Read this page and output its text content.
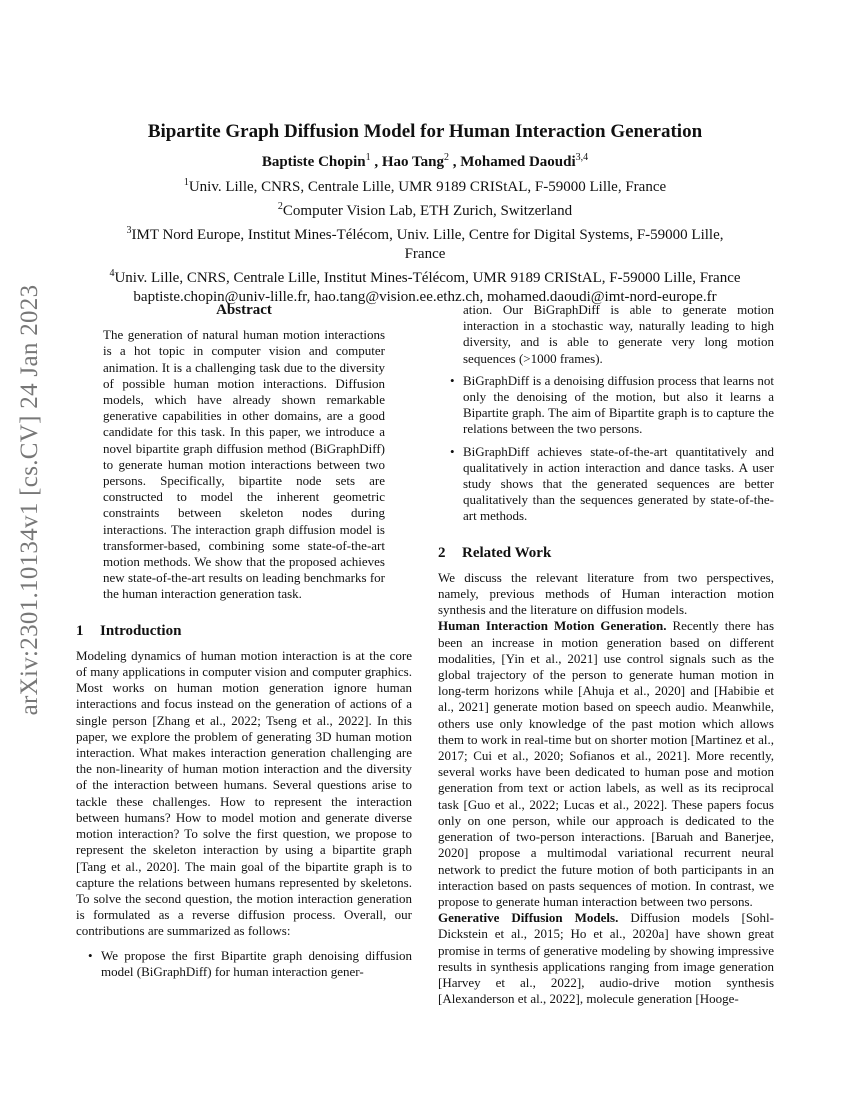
arXiv:2301.10134v1 [cs.CV] 24 Jan 2023
Bipartite Graph Diffusion Model for Human Interaction Generation
Baptiste Chopin$^1$ , Hao Tang$^2$ , Mohamed Daoudi$^{3,4}$
$^1$Univ. Lille, CNRS, Centrale Lille, UMR 9189 CRIStAL, F-59000 Lille, France
$^2$Computer Vision Lab, ETH Zurich, Switzerland
$^3$IMT Nord Europe, Institut Mines-Télécom, Univ. Lille, Centre for Digital Systems, F-59000 Lille,
France
$^4$Univ. Lille, CNRS, Centrale Lille, Institut Mines-Télécom, UMR 9189 CRIStAL, F-59000 Lille, France
baptiste.chopin@univ-lille.fr, hao.tang@vision.ee.ethz.ch, mohamed.daoudi@imt-nord-europe.fr
Abstract

The generation of natural human motion interactions is a hot topic in computer vision and computer animation. It is a challenging task due to the diversity of possible human motion interactions. Diffusion models, which have already shown remarkable generative capabilities in other domains, are a good candidate for this task. In this paper, we introduce a novel bipartite graph diffusion method (BiGraphDiff) to generate human motion interactions between two persons. Specifically, bipartite node sets are constructed to model the inherent geometric constraints between skeleton nodes during interactions. The interaction graph diffusion model is transformer-based, combining some state-of-the-art motion methods. We show that the proposed achieves new state-of-the-art results on leading benchmarks for the human interaction generation task.

1 Introduction

Modeling dynamics of human motion interaction is at the core of many applications in computer vision and computer graphics. Most works on human motion generation ignore human interactions and focus instead on the generation of actions of a single person [Zhang et al., 2022; Tseng et al., 2022]. In this paper, we explore the problem of generating 3D human motion interaction. What makes interaction generation challenging are the non-linearity of human motion interaction and the diversity of the interaction between humans. Several questions arise to tackle these challenges. How to represent the interaction between humans? How to model motion and generate diverse motion interaction? To solve the first question, we propose to represent the skeleton interaction by using a bipartite graph [Tang et al., 2020]. The main goal of the bipartite graph is to capture the relations between humans represented by skeletons. To solve the second question, the motion interaction generation is formulated as a reverse diffusion process. Overall, our contributions are summarized as follows:

• We propose the first Bipartite graph denoising diffusion model (BiGraphDiff) for human interaction gener-
ation. Our BiGraphDiff is able to generate motion interaction in a stochastic way, naturally leading to high diversity, and is able to generate very long motion sequences (>1000 frames).
• BiGraphDiff is a denoising diffusion process that learns not only the denoising of the motion, but also it learns a Bipartite graph. The aim of Bipartite graph is to capture the relations between the two persons.
• BiGraphDiff achieves state-of-the-art quantitatively and qualitatively in action interaction and dance tasks. A user study shows that the generated sequences are better qualitatively than the sequences generated by state-of-the-art methods.
2 Related Work

We discuss the relevant literature from two perspectives, namely, previous methods of Human interaction motion synthesis and the literature on diffusion models.

Human Interaction Motion Generation. Recently there has been an increase in motion generation based on different modalities, [Yin et al., 2021] use control signals such as the global trajectory of the person to generate human motion in long-term horizons while [Ahuja et al., 2020] and [Habibie et al., 2021] generate motion based on speech audio. Meanwhile, others use only knowledge of the past motion which allows them to work in real-time but on shorter motion [Martinez et al., 2017; Cui et al., 2020; Sofianos et al., 2021]. More recently, several works have been dedicated to human pose and motion generation from text or action labels, as well as its reciprocal task [Guo et al., 2022; Lucas et al., 2022]. These papers focus only on one person, while our approach is dedicated to the generation of two-person interactions. [Baruah and Banerjee, 2020] propose a multimodal variational recurrent neural network to predict the future motion of both participants in an interaction based on pasts sequences of motion. In contrast, we propose to generate human interaction between two persons.

Generative Diffusion Models. Diffusion models [Sohl-Dickstein et al., 2015; Ho et al., 2020a] have shown great promise in terms of generative modeling by showing impressive results in synthesis applications ranging from image generation [Harvey et al., 2022], audio-drive motion synthesis [Alexanderson et al., 2022], molecule generation [Hooge-
